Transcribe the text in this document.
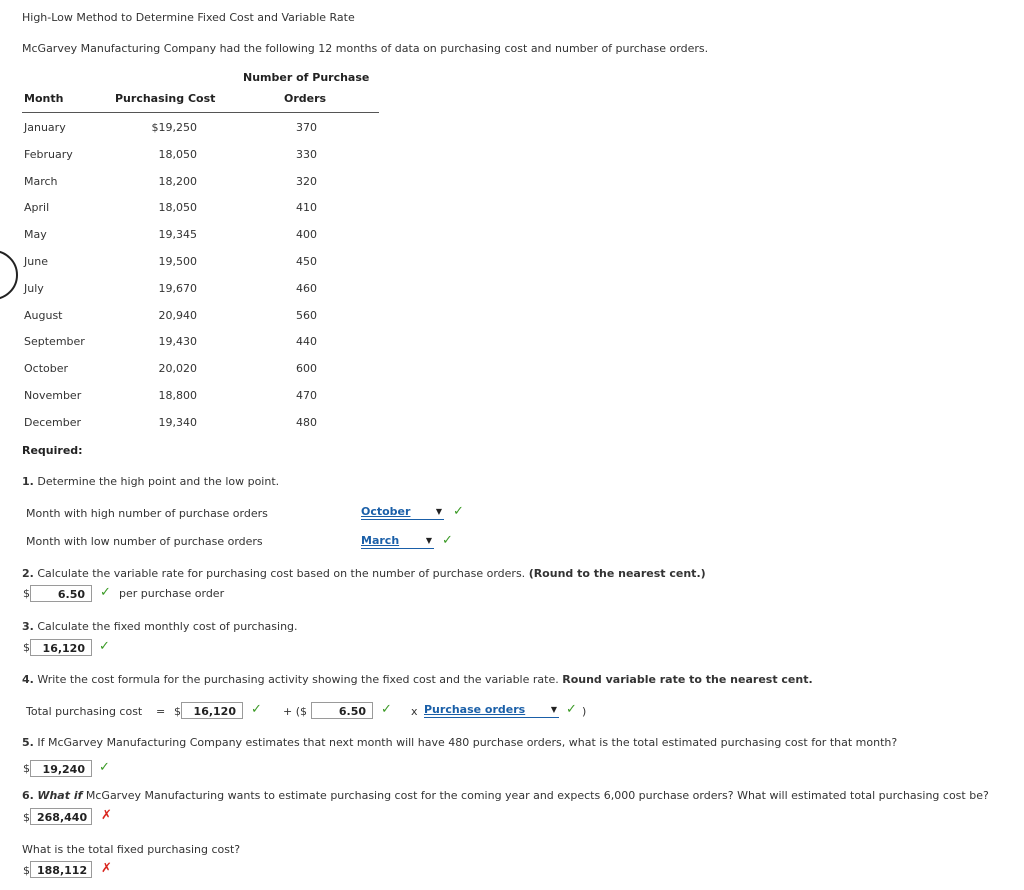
High-Low Method to Determine Fixed Cost and Variable Rate
McGarvey Manufacturing Company had the following 12 months of data on purchasing cost and number of purchase orders.
Number of Purchase
Month	Purchasing Cost	Orders
January	$19,250	370
February	18,050	330
March	18,200	320
April	18,050	410
May	19,345	400
June	19,500	450
July	19,670	460
August	20,940	560
September	19,430	440
October	20,020	600
November	18,800	470
December	19,340	480
Required:
1. Determine the high point and the low point.
Month with high number of purchase orders	October	▼ ✓
Month with low number of purchase orders	March	▼ ✓
2. Calculate the variable rate for purchasing cost based on the number of purchase orders. (Round to the nearest cent.)
$	6.50	✓ per purchase order
3. Calculate the fixed monthly cost of purchasing.
$	16,120	✓
4. Write the cost formula for the purchasing activity showing the fixed cost and the variable rate. Round variable rate to the nearest cent.
Total purchasing cost = $	16,120	✓ + ($	6.50	✓ x Purchase orders	▼ ✓ )
5. If McGarvey Manufacturing Company estimates that next month will have 480 purchase orders, what is the total estimated purchasing cost for that month?
$	19,240	✓
6. What if McGarvey Manufacturing wants to estimate purchasing cost for the coming year and expects 6,000 purchase orders? What will estimated total purchasing cost be?
$ 268,440	✗
What is the total fixed purchasing cost?
$ 188,112	✗
